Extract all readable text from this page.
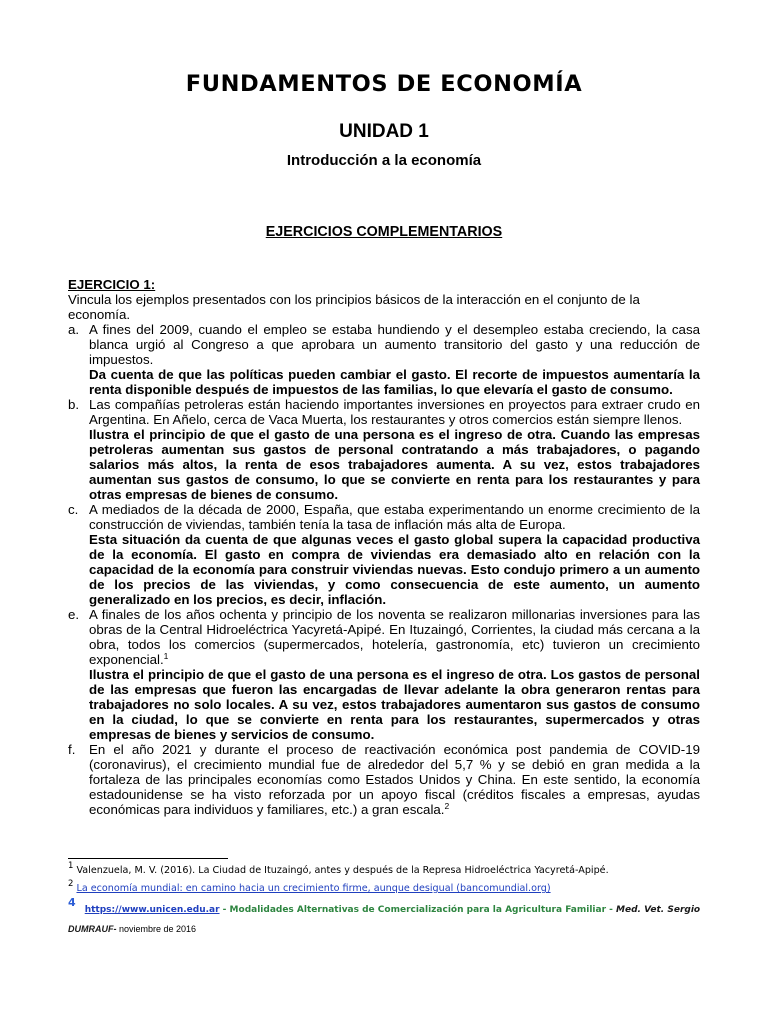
FUNDAMENTOS DE ECONOMÍA
UNIDAD 1
Introducción a la economía
EJERCICIOS COMPLEMENTARIOS
EJERCICIO 1:
Vincula los ejemplos presentados con los principios básicos de la interacción en el conjunto de la economía.
a. A fines del 2009, cuando el empleo se estaba hundiendo y el desempleo estaba creciendo, la casa blanca urgió al Congreso a que aprobara un aumento transitorio del gasto y una reducción de impuestos.

Da cuenta de que las políticas pueden cambiar el gasto. El recorte de impuestos aumentaría la renta disponible después de impuestos de las familias, lo que elevaría el gasto de consumo.

b. Las compañías petroleras están haciendo importantes inversiones en proyectos para extraer crudo en Argentina. En Añelo, cerca de Vaca Muerta, los restaurantes y otros comercios están siempre llenos.

Ilustra el principio de que el gasto de una persona es el ingreso de otra. Cuando las empresas petroleras aumentan sus gastos de personal contratando a más trabajadores, o pagando salarios más altos, la renta de esos trabajadores aumenta. A su vez, estos trabajadores aumentan sus gastos de consumo, lo que se convierte en renta para los restaurantes y para otras empresas de bienes de consumo.

c. A mediados de la década de 2000, España, que estaba experimentando un enorme crecimiento de la construcción de viviendas, también tenía la tasa de inflación más alta de Europa.

Esta situación da cuenta de que algunas veces el gasto global supera la capacidad productiva de la economía. El gasto en compra de viviendas era demasiado alto en relación con la capacidad de la economía para construir viviendas nuevas. Esto condujo primero a un aumento de los precios de las viviendas, y como consecuencia de este aumento, un aumento generalizado en los precios, es decir, inflación.

e. A finales de los años ochenta y principio de los noventa se realizaron millonarias inversiones para las obras de la Central Hidroeléctrica Yacyretá-Apipé. En Ituzaingó, Corrientes, la ciudad más cercana a la obra, todos los comercios (supermercados, hotelería, gastronomía, etc) tuvieron un crecimiento exponencial.$^1$

Ilustra el principio de que el gasto de una persona es el ingreso de otra. Los gastos de personal de las empresas que fueron las encargadas de llevar adelante la obra generaron rentas para trabajadores no solo locales. A su vez, estos trabajadores aumentaron sus gastos de consumo en la ciudad, lo que se convierte en renta para los restaurantes, supermercados y otras empresas de bienes y servicios de consumo.

f. En el año 2021 y durante el proceso de reactivación económica post pandemia de COVID-19 (coronavirus), el crecimiento mundial fue de alrededor del 5,7 % y se debió en gran medida a la fortaleza de las principales economías como Estados Unidos y China. En este sentido, la economía estadounidense se ha visto reforzada por un apoyo fiscal (créditos fiscales a empresas, ayudas económicas para individuos y familiares, etc.) a gran escala.$^2$

$^1$ Valenzuela, M. V. (2016). La Ciudad de Ituzaingó, antes y después de la Represa Hidroeléctrica Yacyretá-Apipé.
$^2$ La economía mundial: en camino hacia un crecimiento firme, aunque desigual (bancomundial.org)
4 https://www.unicen.edu.ar - Modalidades Alternativas de Comercialización para la Agricultura Familiar - Med. Vet. Sergio
DUMRAUF- noviembre de 2016
